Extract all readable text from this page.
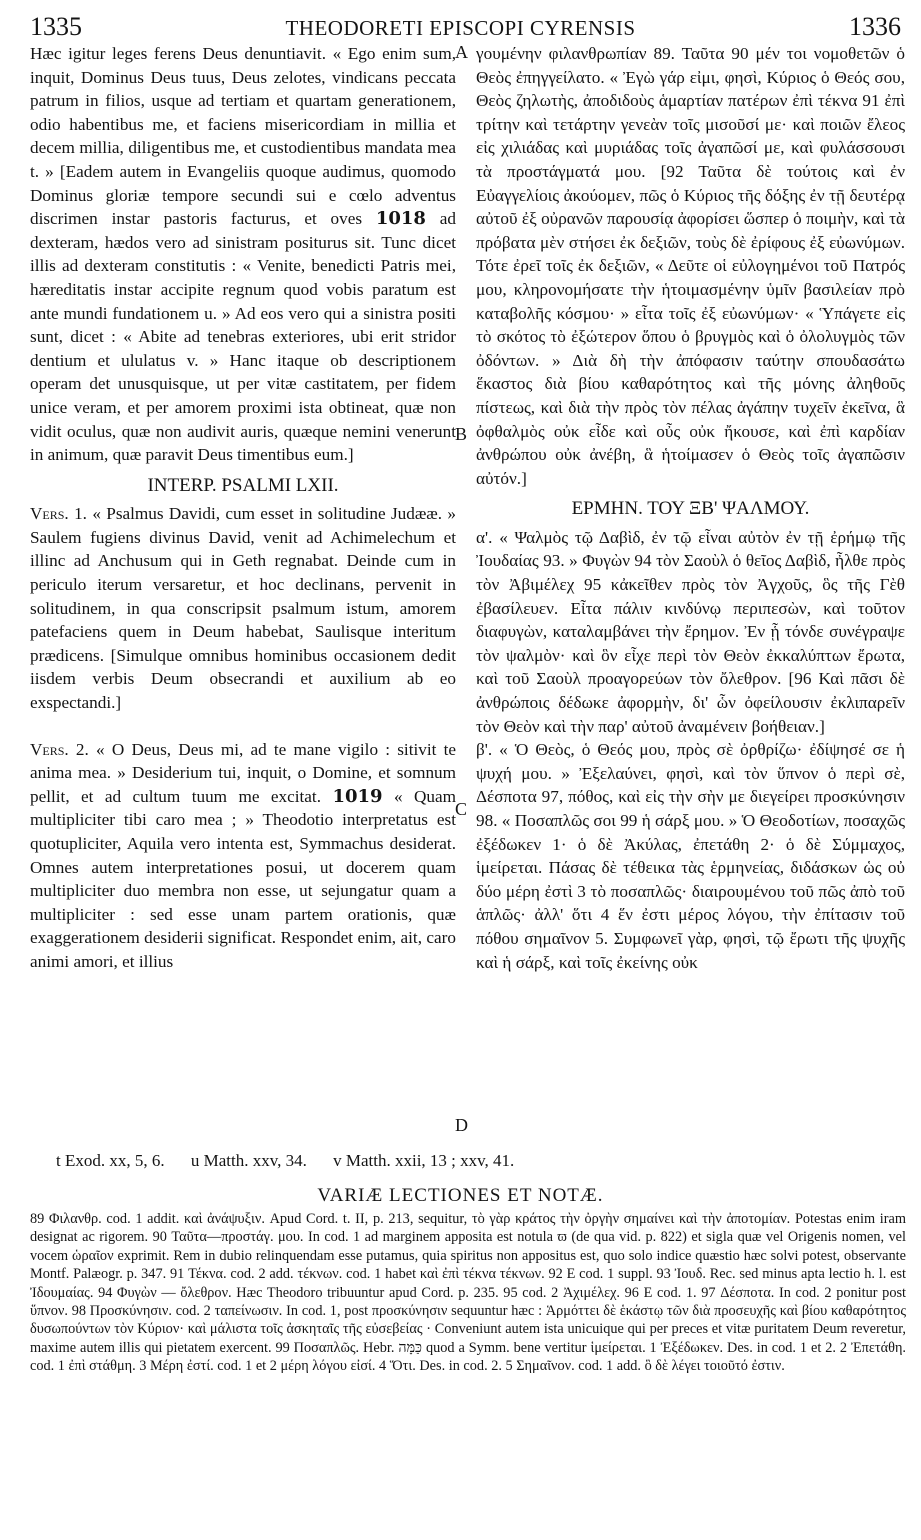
1335	THEODORETI EPISCOPI CYRENSIS	1336
A
B
C
D

Hæc igitur leges ferens Deus denuntiavit. « Ego enim sum, inquit, Dominus Deus tuus, Deus zelotes, vindicans peccata patrum in filios, usque ad tertiam et quartam generationem, odio habentibus me, et faciens misericordiam in millia et decem millia, diligentibus me, et custodientibus mandata mea t. » [Eadem autem in Evangeliis quoque audimus, quomodo Dominus gloriæ tempore secundi sui e cœlo adventus discrimen instar pastoris facturus, et oves 1018 ad dexteram, hædos vero ad sinistram positurus sit. Tunc dicet illis ad dexteram constitutis : « Venite, benedicti Patris mei, hæreditatis instar accipite regnum quod vobis paratum est ante mundi fundationem u. » Ad eos vero qui a sinistra positi sunt, dicet : « Abite ad tenebras exteriores, ubi erit stridor dentium et ululatus v. » Hanc itaque ob descriptionem operam det unusquisque, ut per vitæ castitatem, per fidem unice veram, et per amorem proximi ista obtineat, quæ non vidit oculus, quæ non audivit auris, quæque nemini venerunt in animum, quæ paravit Deus timentibus eum.]

INTERP. PSALMI LXII.

Vers. 1. « Psalmus Davidi, cum esset in solitudine Judææ. » Saulem fugiens divinus David, venit ad Achimelechum et illinc ad Anchusum qui in Geth regnabat. Deinde cum in periculo iterum versaretur, et hoc declinans, pervenit in solitudinem, in qua conscripsit psalmum istum, amorem patefaciens quem in Deum habebat, Saulisque interitum prædicens. [Simulque omnibus hominibus occasionem dedit iisdem verbis Deum obsecrandi et auxilium ab eo exspectandi.]

Vers. 2. « O Deus, Deus mi, ad te mane vigilo : sitivit te anima mea. » Desiderium tui, inquit, o Domine, et somnum pellit, et ad cultum tuum me excitat. 1019 « Quam multipliciter tibi caro mea ; » Theodotio interpretatus est quotupliciter, Aquila vero intenta est, Symmachus desiderat. Omnes autem interpretationes posui, ut docerem quam multipliciter duo membra non esse, ut sejungatur quam a multipliciter : sed esse unam partem orationis, quæ exaggerationem desiderii significat. Respondet enim, ait, caro animi amori, et illius

γουμένην φιλανθρωπίαν 89. Ταῦτα 90 μέν τοι νομοθετῶν ὁ Θεὸς ἐπηγγείλατο. « Ἐγὼ γάρ εἰμι, φησὶ, Κύριος ὁ Θεός σου, Θεὸς ζηλωτὴς, ἀποδιδοὺς ἁμαρτίαν πατέρων ἐπὶ τέκνα 91 ἐπὶ τρίτην καὶ τετάρτην γενεὰν τοῖς μισοῦσί με· καὶ ποιῶν ἔλεος εἰς χιλιάδας καὶ μυριάδας τοῖς ἀγαπῶσί με, καὶ φυλάσσουσι τὰ προστάγματά μου. [92 Ταῦτα δὲ τούτοις καὶ ἐν Εὐαγγελίοις ἀκούομεν, πῶς ὁ Κύριος τῆς δόξης ἐν τῇ δευτέρᾳ αὐτοῦ ἐξ οὐρανῶν παρουσίᾳ ἀφορίσει ὥσπερ ὁ ποιμὴν, καὶ τὰ πρόβατα μὲν στήσει ἐκ δεξιῶν, τοὺς δὲ ἐρίφους ἐξ εὐωνύμων. Τότε ἐρεῖ τοῖς ἐκ δεξιῶν, « Δεῦτε οἱ εὐλογημένοι τοῦ Πατρός μου, κληρονομήσατε τὴν ἡτοιμασμένην ὑμῖν βασιλείαν πρὸ καταβολῆς κόσμου· » εἶτα τοῖς ἐξ εὐωνύμων· « Ὑπάγετε εἰς τὸ σκότος τὸ ἐξώτερον ὅπου ὁ βρυγμὸς καὶ ὁ ὀλολυγμὸς τῶν ὀδόντων. » Διὰ δὴ τὴν ἀπόφασιν ταύτην σπουδασάτω ἕκαστος διὰ βίου καθαρότητος καὶ τῆς μόνης ἀληθοῦς πίστεως, καὶ διὰ τὴν πρὸς τὸν πέλας ἀγάπην τυχεῖν ἐκεῖνα, ἃ ὀφθαλμὸς οὐκ εἶδε καὶ οὖς οὐκ ἤκουσε, καὶ ἐπὶ καρδίαν ἀνθρώπου οὐκ ἀνέβη, ἃ ἡτοίμασεν ὁ Θεὸς τοῖς ἀγαπῶσιν αὐτόν.]

ΕΡΜΗΝ. ΤΟΥ ΞΒ' ΨΑΛΜΟΥ.

α'. « Ψαλμὸς τῷ Δαβὶδ, ἐν τῷ εἶναι αὐτὸν ἐν τῇ ἐρήμῳ τῆς Ἰουδαίας 93. » Φυγὼν 94 τὸν Σαοὺλ ὁ θεῖος Δαβὶδ, ἦλθε πρὸς τὸν Ἀβιμέλεχ 95 κἀκεῖθεν πρὸς τὸν Ἀγχοῦς, ὃς τῆς Γὲθ ἐβασίλευεν. Εἶτα πάλιν κινδύνῳ περιπεσὼν, καὶ τοῦτον διαφυγὼν, καταλαμβάνει τὴν ἔρημον. Ἐν ᾗ τόνδε συνέγραψε τὸν ψαλμὸν· καὶ ὃν εἶχε περὶ τὸν Θεὸν ἐκκαλύπτων ἔρωτα, καὶ τοῦ Σαοὺλ προαγορεύων τὸν ὄλεθρον. [96 Καὶ πᾶσι δὲ ἀνθρώποις δέδωκε ἀφορμὴν, δι' ὧν ὀφείλουσιν ἐκλιπαρεῖν τὸν Θεὸν καὶ τὴν παρ' αὐτοῦ ἀναμένειν βοήθειαν.]

β'. « Ὁ Θεὸς, ὁ Θεός μου, πρὸς σὲ ὀρθρίζω· ἐδίψησέ σε ἡ ψυχή μου. » Ἐξελαύνει, φησὶ, καὶ τὸν ὕπνον ὁ περὶ σὲ, Δέσποτα 97, πόθος, καὶ εἰς τὴν σὴν με διεγείρει προσκύνησιν 98. « Ποσαπλῶς σοι 99 ἡ σάρξ μου. » Ὁ Θεοδοτίων, ποσαχῶς ἐξέδωκεν 1· ὁ δὲ Ἀκύλας, ἐπετάθη 2· ὁ δὲ Σύμμαχος, ἱμείρεται. Πάσας δὲ τέθεικα τὰς ἑρμηνείας, διδάσκων ὡς οὐ δύο μέρη ἐστὶ 3 τὸ ποσαπλῶς· διαιρουμένου τοῦ πῶς ἀπὸ τοῦ ἁπλῶς· ἀλλ' ὅτι 4 ἕν ἐστι μέρος λόγου, τὴν ἐπίτασιν τοῦ πόθου σημαῖνον 5. Συμφωνεῖ γὰρ, φησὶ, τῷ ἔρωτι τῆς ψυχῆς καὶ ἡ σάρξ, καὶ τοῖς ἐκείνης οὐκ

t Exod. xx, 5, 6. u Matth. xxv, 34. v Matth. xxii, 13 ; xxv, 41.
VARIÆ LECTIONES ET NOTÆ.

89 Φιλανθρ. cod. 1 addit. καὶ ἀνάψυξιν. Apud Cord. t. II, p. 213, sequitur, τὸ γὰρ κράτος τὴν ὀργὴν σημαίνει καὶ τὴν ἀποτομίαν. Potestas enim iram designat ac rigorem. 90 Ταῦτα—προστάγ. μου. In cod. 1 ad marginem apposita est notula ϖ (de qua vid. p. 822) et sigla quæ vel Origenis nomen, vel vocem ὡραῖον exprimit. Rem in dubio relinquendam esse putamus, quia spiritus non appositus est, quo solo indice quæstio hæc solvi potest, observante Montf. Palæogr. p. 347. 91 Τέκνα. cod. 2 add. τέκνων. cod. 1 habet καὶ ἐπὶ τέκνα τέκνων. 92 E cod. 1 suppl. 93 Ἰουδ. Rec. sed minus apta lectio h. l. est Ἰδουμαίας. 94 Φυγὼν — ὄλεθρον. Hæc Theodoro tribuuntur apud Cord. p. 235. 95 cod. 2 Ἀχιμέλεχ. 96 E cod. 1. 97 Δέσποτα. In cod. 2 ponitur post ὕπνον. 98 Προσκύνησιν. cod. 2 ταπείνωσιν. In cod. 1, post προσκύνησιν sequuntur hæc : Ἁρμόττει δὲ ἑκάστῳ τῶν διὰ προσευχῆς καὶ βίου καθαρότητος δυσωπούντων τὸν Κύριον· καὶ μάλιστα τοῖς ἀσκηταῖς τῆς εὐσεβείας · Conveniunt autem ista unicuique qui per preces et vitæ puritatem Deum reveretur, maxime autem illis qui pietatem exercent. 99 Ποσαπλῶς. Hebr. כַּמָּה quod a Symm. bene vertitur ἱμείρεται. 1 Ἐξέδωκεν. Des. in cod. 1 et 2. 2 Ἐπετάθη. cod. 1 ἐπὶ στάθμη. 3 Μέρη ἐστί. cod. 1 et 2 μέρη λόγου εἰσί. 4 Ὅτι. Des. in cod. 2. 5 Σημαῖνον. cod. 1 add. ὃ δὲ λέγει τοιοῦτό ἐστιν.
